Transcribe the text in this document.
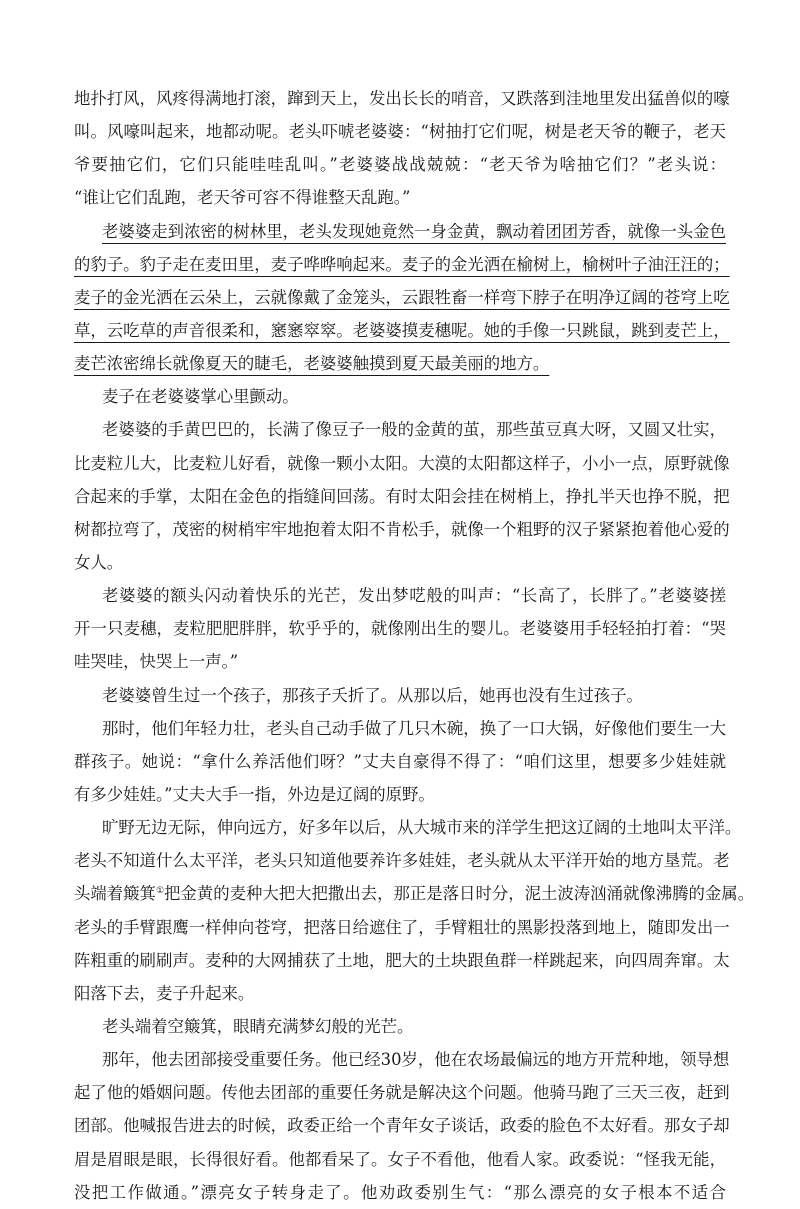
地扑打风，风疼得满地打滚，蹿到天上，发出长长的哨音，又跌落到洼地里发出猛兽似的嚎
叫。风嚎叫起来，地都动呢。老头吓唬老婆婆：“树抽打它们呢，树是老天爷的鞭子，老天
爷要抽它们，它们只能哇哇乱叫。”老婆婆战战兢兢：“老天爷为啥抽它们？”老头说：
“谁让它们乱跑，老天爷可容不得谁整天乱跑。”
老婆婆走到浓密的树林里，老头发现她竟然一身金黄，飘动着团团芳香，就像一头金色
的豹子。豹子走在麦田里，麦子哗哗响起来。麦子的金光洒在榆树上，榆树叶子油汪汪的；
麦子的金光洒在云朵上，云就像戴了金笼头，云跟牲畜一样弯下脖子在明净辽阔的苍穹上吃
草，云吃草的声音很柔和，窸窸窣窣。老婆婆摸麦穗呢。她的手像一只跳鼠，跳到麦芒上，
麦芒浓密绵长就像夏天的睫毛，老婆婆触摸到夏天最美丽的地方。
麦子在老婆婆掌心里颤动。
老婆婆的手黄巴巴的，长满了像豆子一般的金黄的茧，那些茧豆真大呀，又圆又壮实，
比麦粒儿大，比麦粒儿好看，就像一颗小太阳。大漠的太阳都这样子，小小一点，原野就像
合起来的手掌，太阳在金色的指缝间回荡。有时太阳会挂在树梢上，挣扎半天也挣不脱，把
树都拉弯了，茂密的树梢牢牢地抱着太阳不肯松手，就像一个粗野的汉子紧紧抱着他心爱的
女人。
老婆婆的额头闪动着快乐的光芒，发出梦呓般的叫声：“长高了，长胖了。”老婆婆搓
开一只麦穗，麦粒肥肥胖胖，软乎乎的，就像刚出生的婴儿。老婆婆用手轻轻拍打着：“哭
哇哭哇，快哭上一声。”
老婆婆曾生过一个孩子，那孩子夭折了。从那以后，她再也没有生过孩子。
那时，他们年轻力壮，老头自己动手做了几只木碗，换了一口大锅，好像他们要生一大
群孩子。她说：“拿什么养活他们呀？”丈夫自豪得不得了：“咱们这里，想要多少娃娃就
有多少娃娃。”丈夫大手一指，外边是辽阔的原野。
旷野无边无际，伸向远方，好多年以后，从大城市来的洋学生把这辽阔的土地叫太平洋。
老头不知道什么太平洋，老头只知道他要养许多娃娃，老头就从太平洋开始的地方垦荒。老
头端着簸箕①把金黄的麦种大把大把撒出去，那正是落日时分，泥土波涛汹涌就像沸腾的金属。
老头的手臂跟鹰一样伸向苍穹，把落日给遮住了，手臂粗壮的黑影投落到地上，随即发出一
阵粗重的刷刷声。麦种的大网捕获了土地，肥大的土块跟鱼群一样跳起来，向四周奔窜。太
阳落下去，麦子升起来。
老头端着空簸箕，眼睛充满梦幻般的光芒。
那年，他去团部接受重要任务。他已经30岁，他在农场最偏远的地方开荒种地，领导想
起了他的婚姻问题。传他去团部的重要任务就是解决这个问题。他骑马跑了三天三夜，赶到
团部。他喊报告进去的时候，政委正给一个青年女子谈话，政委的脸色不太好看。那女子却
眉是眉眼是眼，长得很好看。他都看呆了。女子不看他，他看人家。政委说：“怪我无能，
没把工作做通。”漂亮女子转身走了。他劝政委别生气：“那么漂亮的女子根本不适合
